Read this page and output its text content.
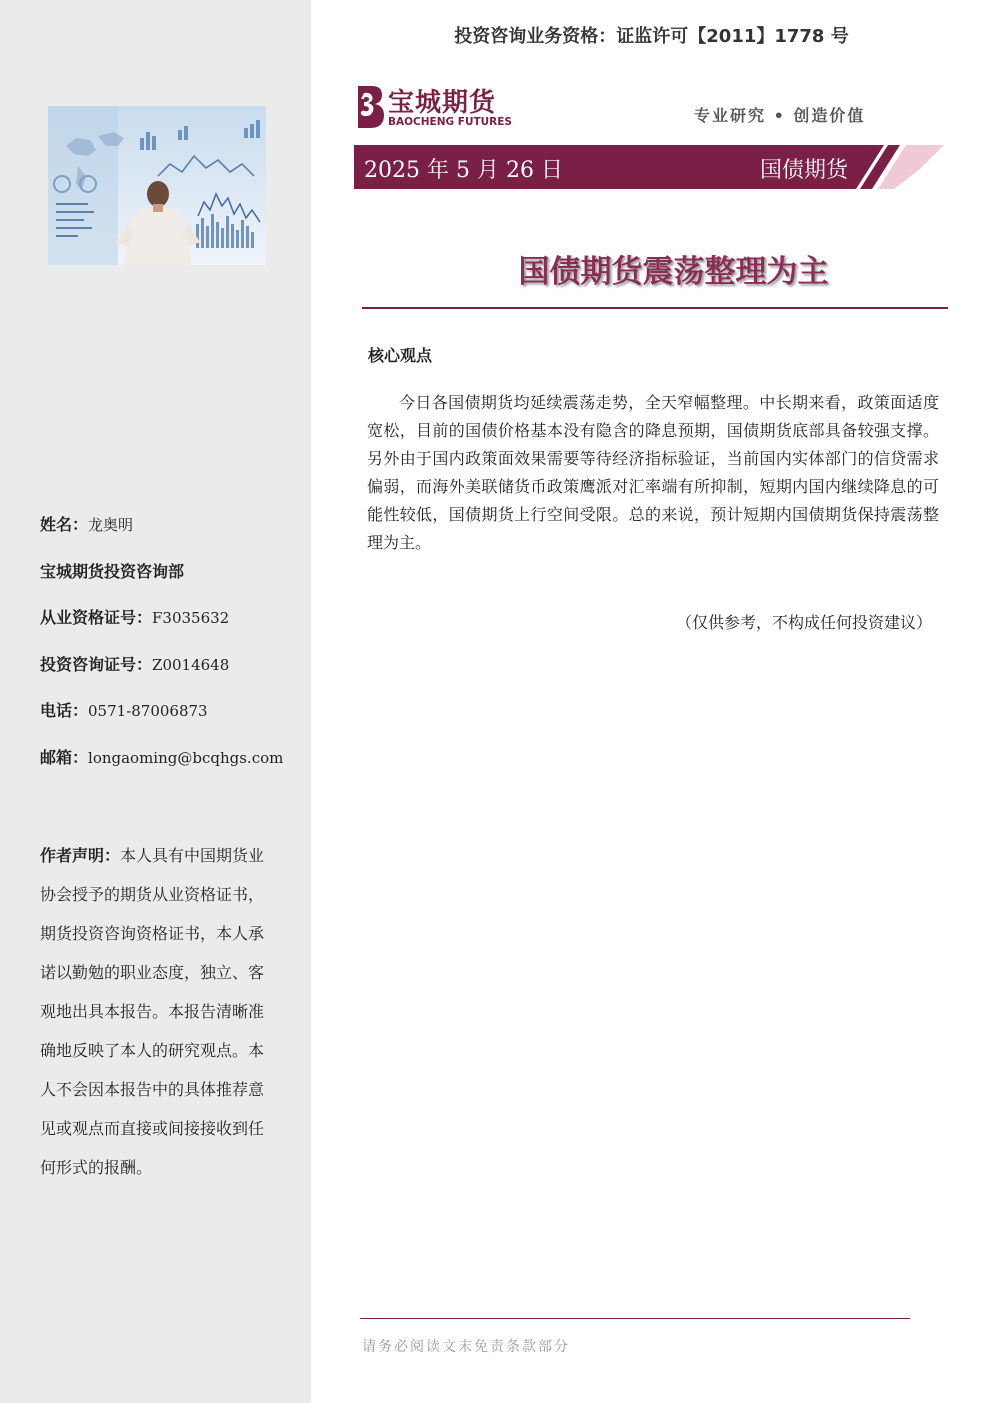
姓名：龙奥明
宝城期货投资咨询部
从业资格证号：F3035632
投资咨询证号：Z0014648
电话：0571-87006873
邮箱：longaoming@bcqhgs.com
作者声明：本人具有中国期货业协会授予的期货从业资格证书，期货投资咨询资格证书，本人承诺以勤勉的职业态度，独立、客观地出具本报告。本报告清晰准确地反映了本人的研究观点。本人不会因本报告中的具体推荐意见或观点而直接或间接接收到任何形式的报酬。
投资咨询业务资格：证监许可【2011】1778 号
宝城期货
BAOCHENG FUTURES	专业研究 • 创造价值
2025 年 5 月 26 日	国债期货
国债期货震荡整理为主
核心观点
今日各国债期货均延续震荡走势，全天窄幅整理。中长期来看，政策面适度宽松，目前的国债价格基本没有隐含的降息预期，国债期货底部具备较强支撑。另外由于国内政策面效果需要等待经济指标验证，当前国内实体部门的信贷需求偏弱，而海外美联储货币政策鹰派对汇率端有所抑制，短期内国内继续降息的可能性较低，国债期货上行空间受限。总的来说，预计短期内国债期货保持震荡整理为主。
（仅供参考，不构成任何投资建议）
请务必阅读文末免责条款部分
